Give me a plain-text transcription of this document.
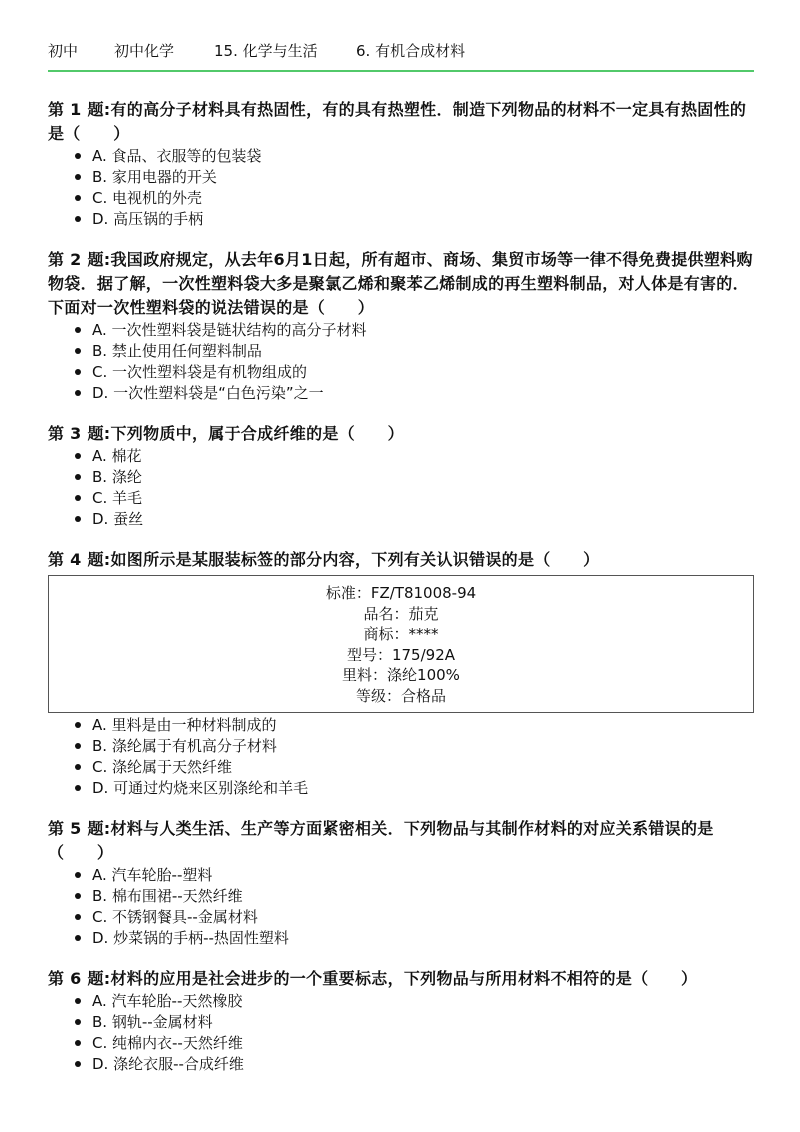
初中	初中化学	15. 化学与生活	6. 有机合成材料
第 1 题:有的高分子材料具有热固性，有的具有热塑性．制造下列物品的材料不一定具有热固性的是（　　）
A. 食品、衣服等的包装袋
B. 家用电器的开关
C. 电视机的外壳
D. 高压锅的手柄
第 2 题:我国政府规定，从去年6月1日起，所有超市、商场、集贸市场等一律不得免费提供塑料购物袋．据了解，一次性塑料袋大多是聚氯乙烯和聚苯乙烯制成的再生塑料制品，对人体是有害的．下面对一次性塑料袋的说法错误的是（　　）
A. 一次性塑料袋是链状结构的高分子材料
B. 禁止使用任何塑料制品
C. 一次性塑料袋是有机物组成的
D. 一次性塑料袋是“白色污染”之一
第 3 题:下列物质中，属于合成纤维的是（　　）
A. 棉花
B. 涤纶
C. 羊毛
D. 蚕丝
第 4 题:如图所示是某服装标签的部分内容，下列有关认识错误的是（　　）
标准：FZ/T81008-94
品名：茄克
商标：****
型号：175/92A
里料：涤纶100%
等级：合格品
A. 里料是由一种材料制成的
B. 涤纶属于有机高分子材料
C. 涤纶属于天然纤维
D. 可通过灼烧来区别涤纶和羊毛
第 5 题:材料与人类生活、生产等方面紧密相关．下列物品与其制作材料的对应关系错误的是（　　）
A. 汽车轮胎--塑料
B. 棉布围裙--天然纤维
C. 不锈钢餐具--金属材料
D. 炒菜锅的手柄--热固性塑料
第 6 题:材料的应用是社会进步的一个重要标志，下列物品与所用材料不相符的是（　　）
A. 汽车轮胎--天然橡胶
B. 钢轨--金属材料
C. 纯棉内衣--天然纤维
D. 涤纶衣服--合成纤维
